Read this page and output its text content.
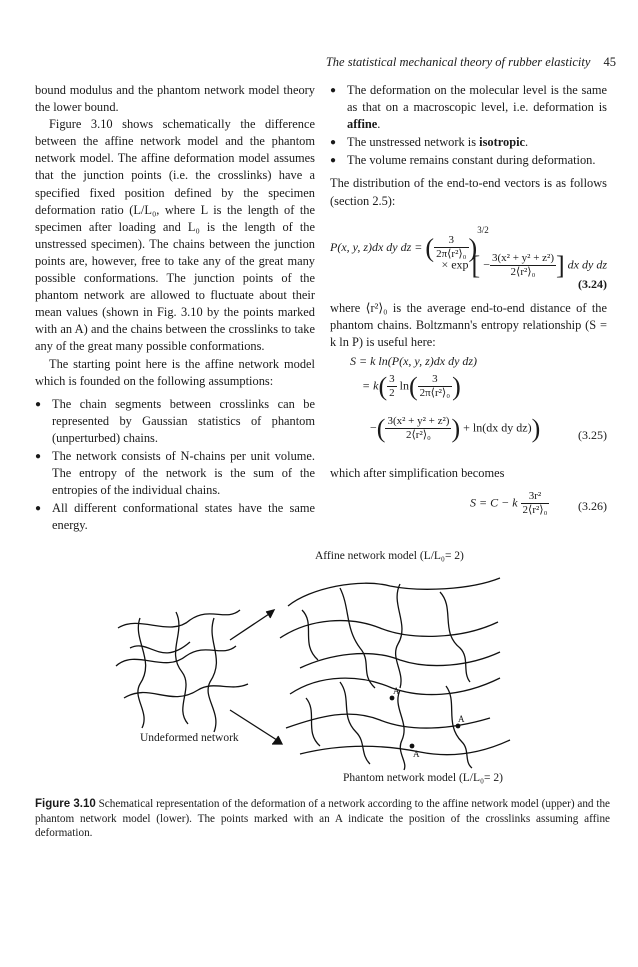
The statistical mechanical theory of rubber elasticity 45

bound modulus and the phantom network model theory the lower bound.

Figure 3.10 shows schematically the difference between the affine network model and the phantom network model. The affine deformation model assumes that the junction points (i.e. the crosslinks) have a specified fixed position defined by the specimen deformation ratio (L/L₀, where L is the length of the specimen after loading and L₀ is the length of the unstressed specimen). The chains between the junction points are, however, free to take any of the great many possible conformations. The junction points of the phantom network are allowed to fluctuate about their mean values (shown in Fig. 3.10 by the points marked with an A) and the chains between the crosslinks to take any of the great many possible conformations.

The starting point here is the affine network model which is founded on the following assumptions:

● The chain segments between crosslinks can be represented by Gaussian statistics of phantom (unperturbed) chains.
● The network consists of N-chains per unit volume. The entropy of the network is the sum of the entropies of the individual chains.
● All different conformational states have the same energy.
● The deformation on the molecular level is the same as that on a macroscopic level, i.e. deformation is affine.
● The unstressed network is isotropic.
● The volume remains constant during deformation.

The distribution of the end-to-end vectors is as follows (section 2.5):

P(x, y, z)dx dy dz = ( $\frac{3}{\text{2π⟨r²⟩₀}} )^{3/2}$
× exp [ − $\frac{\text{3(x² + y² + z²)}}{\text{2⟨r²⟩₀}}$ ] dx dy dz
(3.24)

where ⟨r²⟩₀ is the average end-to-end distance of the phantom chains. Boltzmann's entropy relationship (S = k ln P) is useful here:

S = k ln(P(x, y, z)dx dy dz)
= $k( \frac{3}{2} \ln( \frac{3}{\text{2π⟨r²⟩₀}}$ )
−( $\frac{\text{3(x² + y² + z²)}}{\text{2⟨r²⟩₀}}$ ) + ln(dx dy dz))	(3.25)

which after simplification becomes

S = C − k $\frac{\text{3r²}}{\text{2⟨r²⟩₀}} (3.26)$
Affine network model (L/L₀= 2)
A
A
A
Undeformed network
Phantom network model (L/L₀= 2)
Figure 3.10 Schematical representation of the deformation of a network according to the affine network model (upper) and the phantom network model (lower). The points marked with an A indicate the position of the crosslinks assuming affine deformation.
